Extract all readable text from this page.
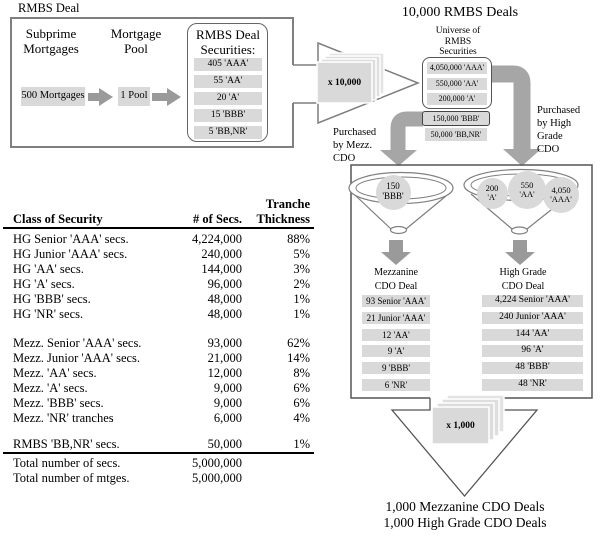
RMBS Deal
Subprime
Mortgages
Mortgage
Pool
RMBS Deal
Securities:
405 'AAA'
55 'AA'
20 'A'
15 'BBB'
5 'BB,NR'
500 Mortgages	1 Pool
x 10,000
10,000 RMBS Deals
Universe of
RMBS
Securities
4,050,000 'AAA'
550,000 'AA'
200,000 'A'
150,000 'BBB'
50,000 'BB,NR'
Purchased
by Mezz.
CDO
Purchased
by High
Grade
CDO
150
'BBB'
200
'A'
550
'AA' 4,050
'AAA'
Mezzanine
CDO Deal
High Grade
CDO Deal
93 Senior 'AAA'
21 Junior 'AAA'
12 'AA'
9 'A'
9 'BBB'
6 'NR'
4,224 Senior 'AAA'
240 Junior 'AAA'
144 'AA'
96 'A'
48 'BBB'
48 'NR'
x 1,000
1,000 Mezzanine CDO Deals
1,000 High Grade CDO Deals
Tranche
Class of Security	# of Secs.	Thickness
HG Senior 'AAA' secs.	4,224,000	88%
HG Junior 'AAA' secs.	240,000	5%
HG 'AA' secs.	144,000	3%
HG 'A' secs.	96,000	2%
HG 'BBB' secs.	48,000	1%
HG 'NR' secs.	48,000	1%
Mezz. Senior 'AAA' secs.	93,000	62%
Mezz. Junior 'AAA' secs.	21,000	14%
Mezz. 'AA' secs.	12,000	8%
Mezz. 'A' secs.	9,000	6%
Mezz. 'BBB' secs.	9,000	6%
Mezz. 'NR' tranches	6,000	4%
RMBS 'BB,NR' secs.	50,000	1%
Total number of secs.	5,000,000
Total number of mtges.	5,000,000
